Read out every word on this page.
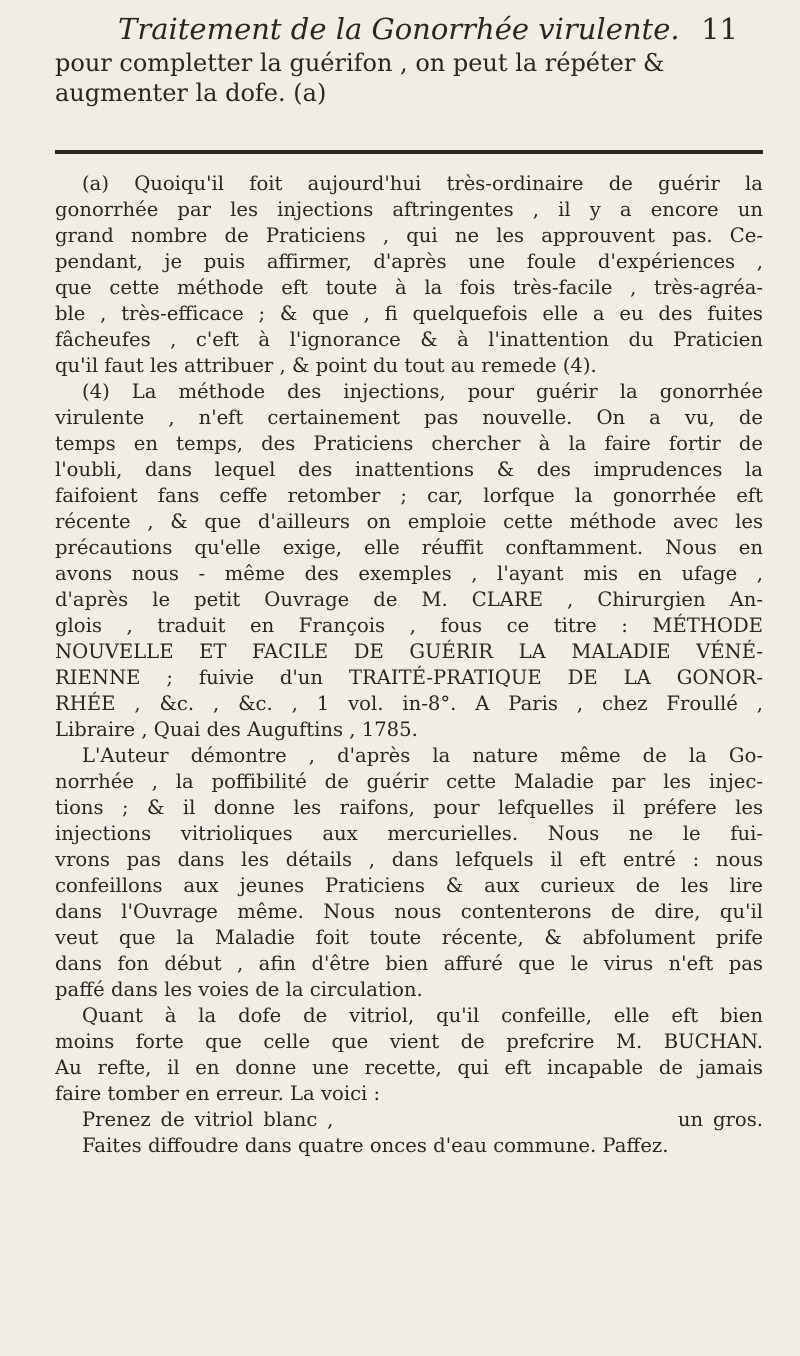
Traitement de la Gonorrhée virulente. 11
pour completter la guérifon , on peut la répéter &
augmenter la dofe. (a)
(a) Quoiqu'il foit aujourd'hui très-ordinaire de guérir la
gonorrhée par les injections aftringentes , il y a encore un
grand nombre de Praticiens , qui ne les approuvent pas. Ce-
pendant, je puis affirmer, d'après une foule d'expériences ,
que cette méthode eft toute à la fois très-facile , très-agréa-
ble , très-efficace ; & que , fi quelquefois elle a eu des fuites
fâcheufes , c'eft à l'ignorance & à l'inattention du Praticien
qu'il faut les attribuer , & point du tout au remede (4).
(4) La méthode des injections, pour guérir la gonorrhée
virulente , n'eft certainement pas nouvelle. On a vu, de
temps en temps, des Praticiens chercher à la faire fortir de
l'oubli, dans lequel des inattentions & des imprudences la
faifoient fans ceffe retomber ; car, lorfque la gonorrhée eft
récente , & que d'ailleurs on emploie cette méthode avec les
précautions qu'elle exige, elle réuffit conftamment. Nous en
avons nous - même des exemples , l'ayant mis en ufage ,
d'après le petit Ouvrage de M. CLARE , Chirurgien An-
glois , traduit en François , fous ce titre : MÉTHODE
NOUVELLE ET FACILE DE GUÉRIR LA MALADIE VÉNÉ-
RIENNE ; fuivie d'un TRAITÉ-PRATIQUE DE LA GONOR-
RHÉE , &c. , &c. , 1 vol. in-8°. A Paris , chez Froullé ,
Libraire , Quai des Auguftins , 1785.
L'Auteur démontre , d'après la nature même de la Go-
norrhée , la poffibilité de guérir cette Maladie par les injec-
tions ; & il donne les raifons, pour lefquelles il préfere les
injections vitrioliques aux mercurielles. Nous ne le fui-
vrons pas dans les détails , dans lefquels il eft entré : nous
confeillons aux jeunes Praticiens & aux curieux de les lire
dans l'Ouvrage même. Nous nous contenterons de dire, qu'il
veut que la Maladie foit toute récente, & abfolument prife
dans fon début , afin d'être bien affuré que le virus n'eft pas
paffé dans les voies de la circulation.
Quant à la dofe de vitriol, qu'il confeille, elle eft bien
moins forte que celle que vient de prefcrire M. BUCHAN.
Au refte, il en donne une recette, qui eft incapable de jamais
faire tomber en erreur. La voici :
Prenez de vitriol blanc ,                                   un gros.
Faites diffoudre dans quatre onces d'eau commune. Paffez.
